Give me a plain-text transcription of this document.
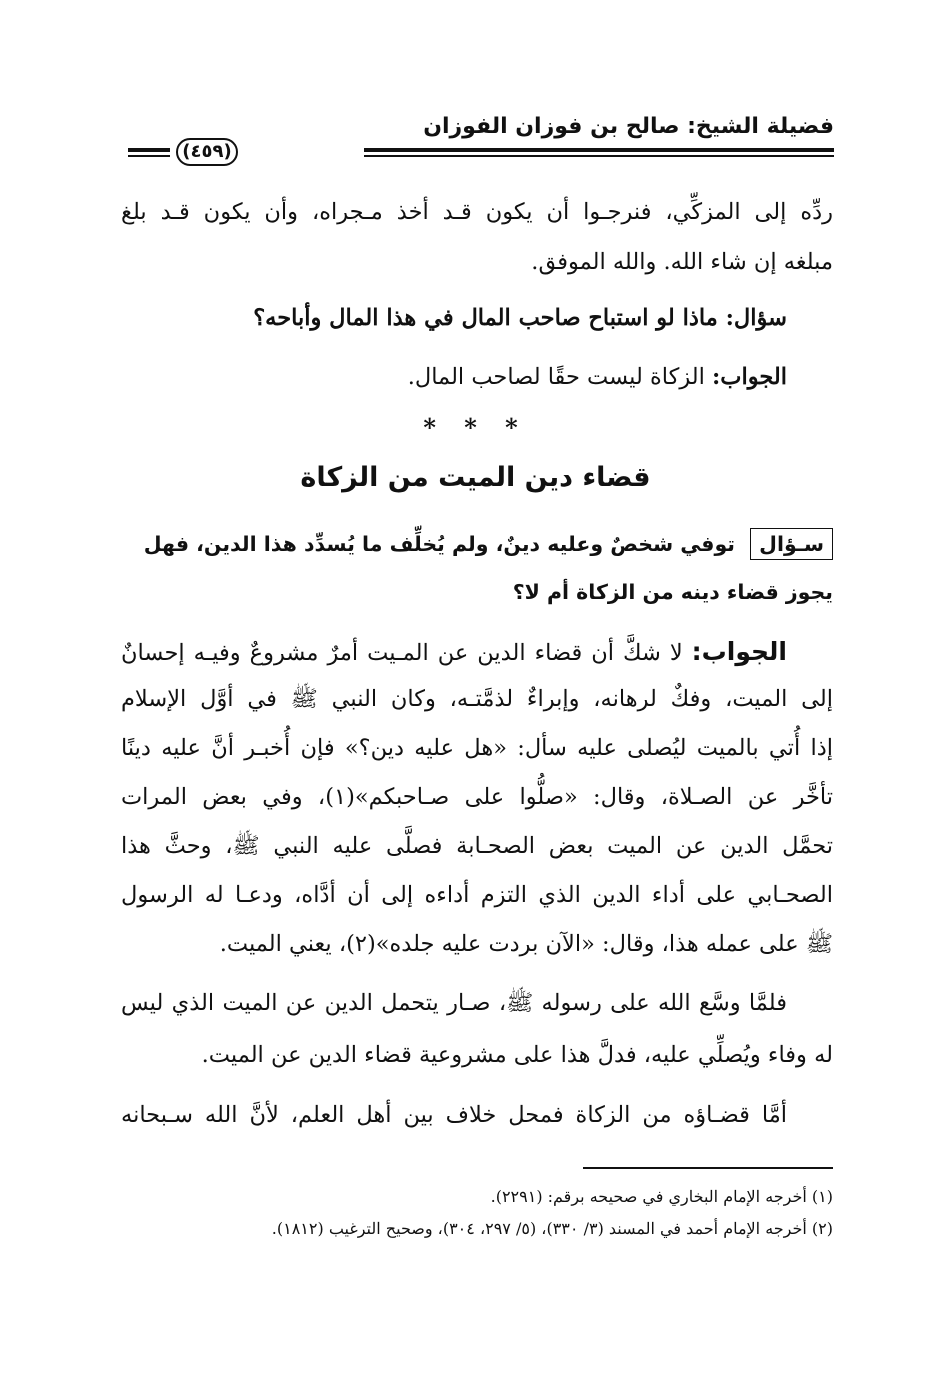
فضيلة الشيخ: صالح بن فوزان الفوزان
(٤٥٩)
ردِّه إلى المزكِّي، فنرجـوا أن يكون قـد أخذ مـجراه، وأن يكون قـد بلغ
مبلغه إن شاء الله. والله الموفق.
سؤال: ماذا لو استباح صاحب المال في هذا المال وأباحه؟
الجواب: الزكاة ليست حقًا لصاحب المال.
* * *
قضاء دين الميت من الزكاة
سـؤال توفي شخصٌ وعليه دينٌ، ولم يُخلِّف ما يُسدِّد هذا الدين، فهل
يجوز قضاء دينه من الزكاة أم لا؟
الجواب: لا شكَّ أن قضاء الدين عن المـيت أمرٌ مشروعٌ وفيـه إحسانٌ
إلى الميت، وفكٌ لرهانه، وإبراءٌ لذمَّتـه، وكان النبي ﷺ في أوَّل الإسلام
إذا أُتي بالميت ليُصلى عليه سأل: «هل عليه دين؟» فإن أُخبـر أنَّ عليه دينًا
تأخَّر عن الصـلاة، وقال: «صلُّوا على صـاحبكم»(١)، وفي بعض المرات
تحمَّل الدين عن الميت بعض الصحـابة فصلَّى عليه النبي ﷺ، وحثَّ هذا
الصحـابي على أداء الدين الذي التزم أداءه إلى أن أدَّاه، ودعـا له الرسول
ﷺ على عمله هذا، وقال: «الآن بردت عليه جلده»(٢)، يعني الميت.
فلمَّا وسَّع الله على رسوله ﷺ، صـار يتحمل الدين عن الميت الذي ليس
له وفاء ويُصلِّي عليه، فدلَّ هذا على مشروعية قضاء الدين عن الميت.
أمَّا قضـاؤه من الزكاة فمحل خلاف بين أهل العلم، لأنَّ الله سـبحانه
(١) أخرجه الإمام البخاري في صحيحه برقم: (٢٢٩١).
(٢) أخرجه الإمام أحمد في المسند (٣/ ٣٣٠)، (٥/ ٢٩٧، ٣٠٤)، وصحيح الترغيب (١٨١٢).
